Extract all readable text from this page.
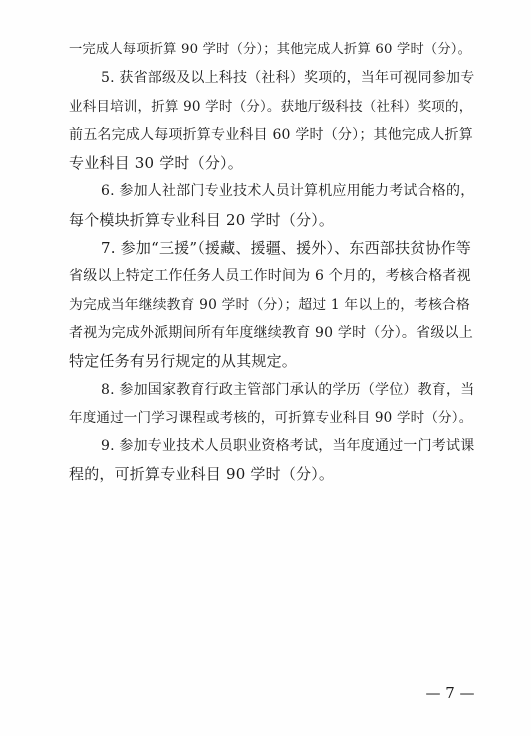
一完成人每项折算 90 学时（分）；其他完成人折算 60 学时（分）。
5. 获省部级及以上科技（社科）奖项的，当年可视同参加专
业科目培训，折算 90 学时（分）。获地厅级科技（社科）奖项的，
前五名完成人每项折算专业科目 60 学时（分）；其他完成人折算
专业科目 30 学时（分）。
6. 参加人社部门专业技术人员计算机应用能力考试合格的，
每个模块折算专业科目 20 学时（分）。
7. 参加“三援”（援藏、援疆、援外）、东西部扶贫协作等
省级以上特定工作任务人员工作时间为 6 个月的，考核合格者视
为完成当年继续教育 90 学时（分）；超过 1 年以上的，考核合格
者视为完成外派期间所有年度继续教育 90 学时（分）。省级以上
特定任务有另行规定的从其规定。
8. 参加国家教育行政主管部门承认的学历（学位）教育，当
年度通过一门学习课程或考核的，可折算专业科目 90 学时（分）。
9. 参加专业技术人员职业资格考试，当年度通过一门考试课
程的，可折算专业科目 90 学时（分）。
— 7 —
